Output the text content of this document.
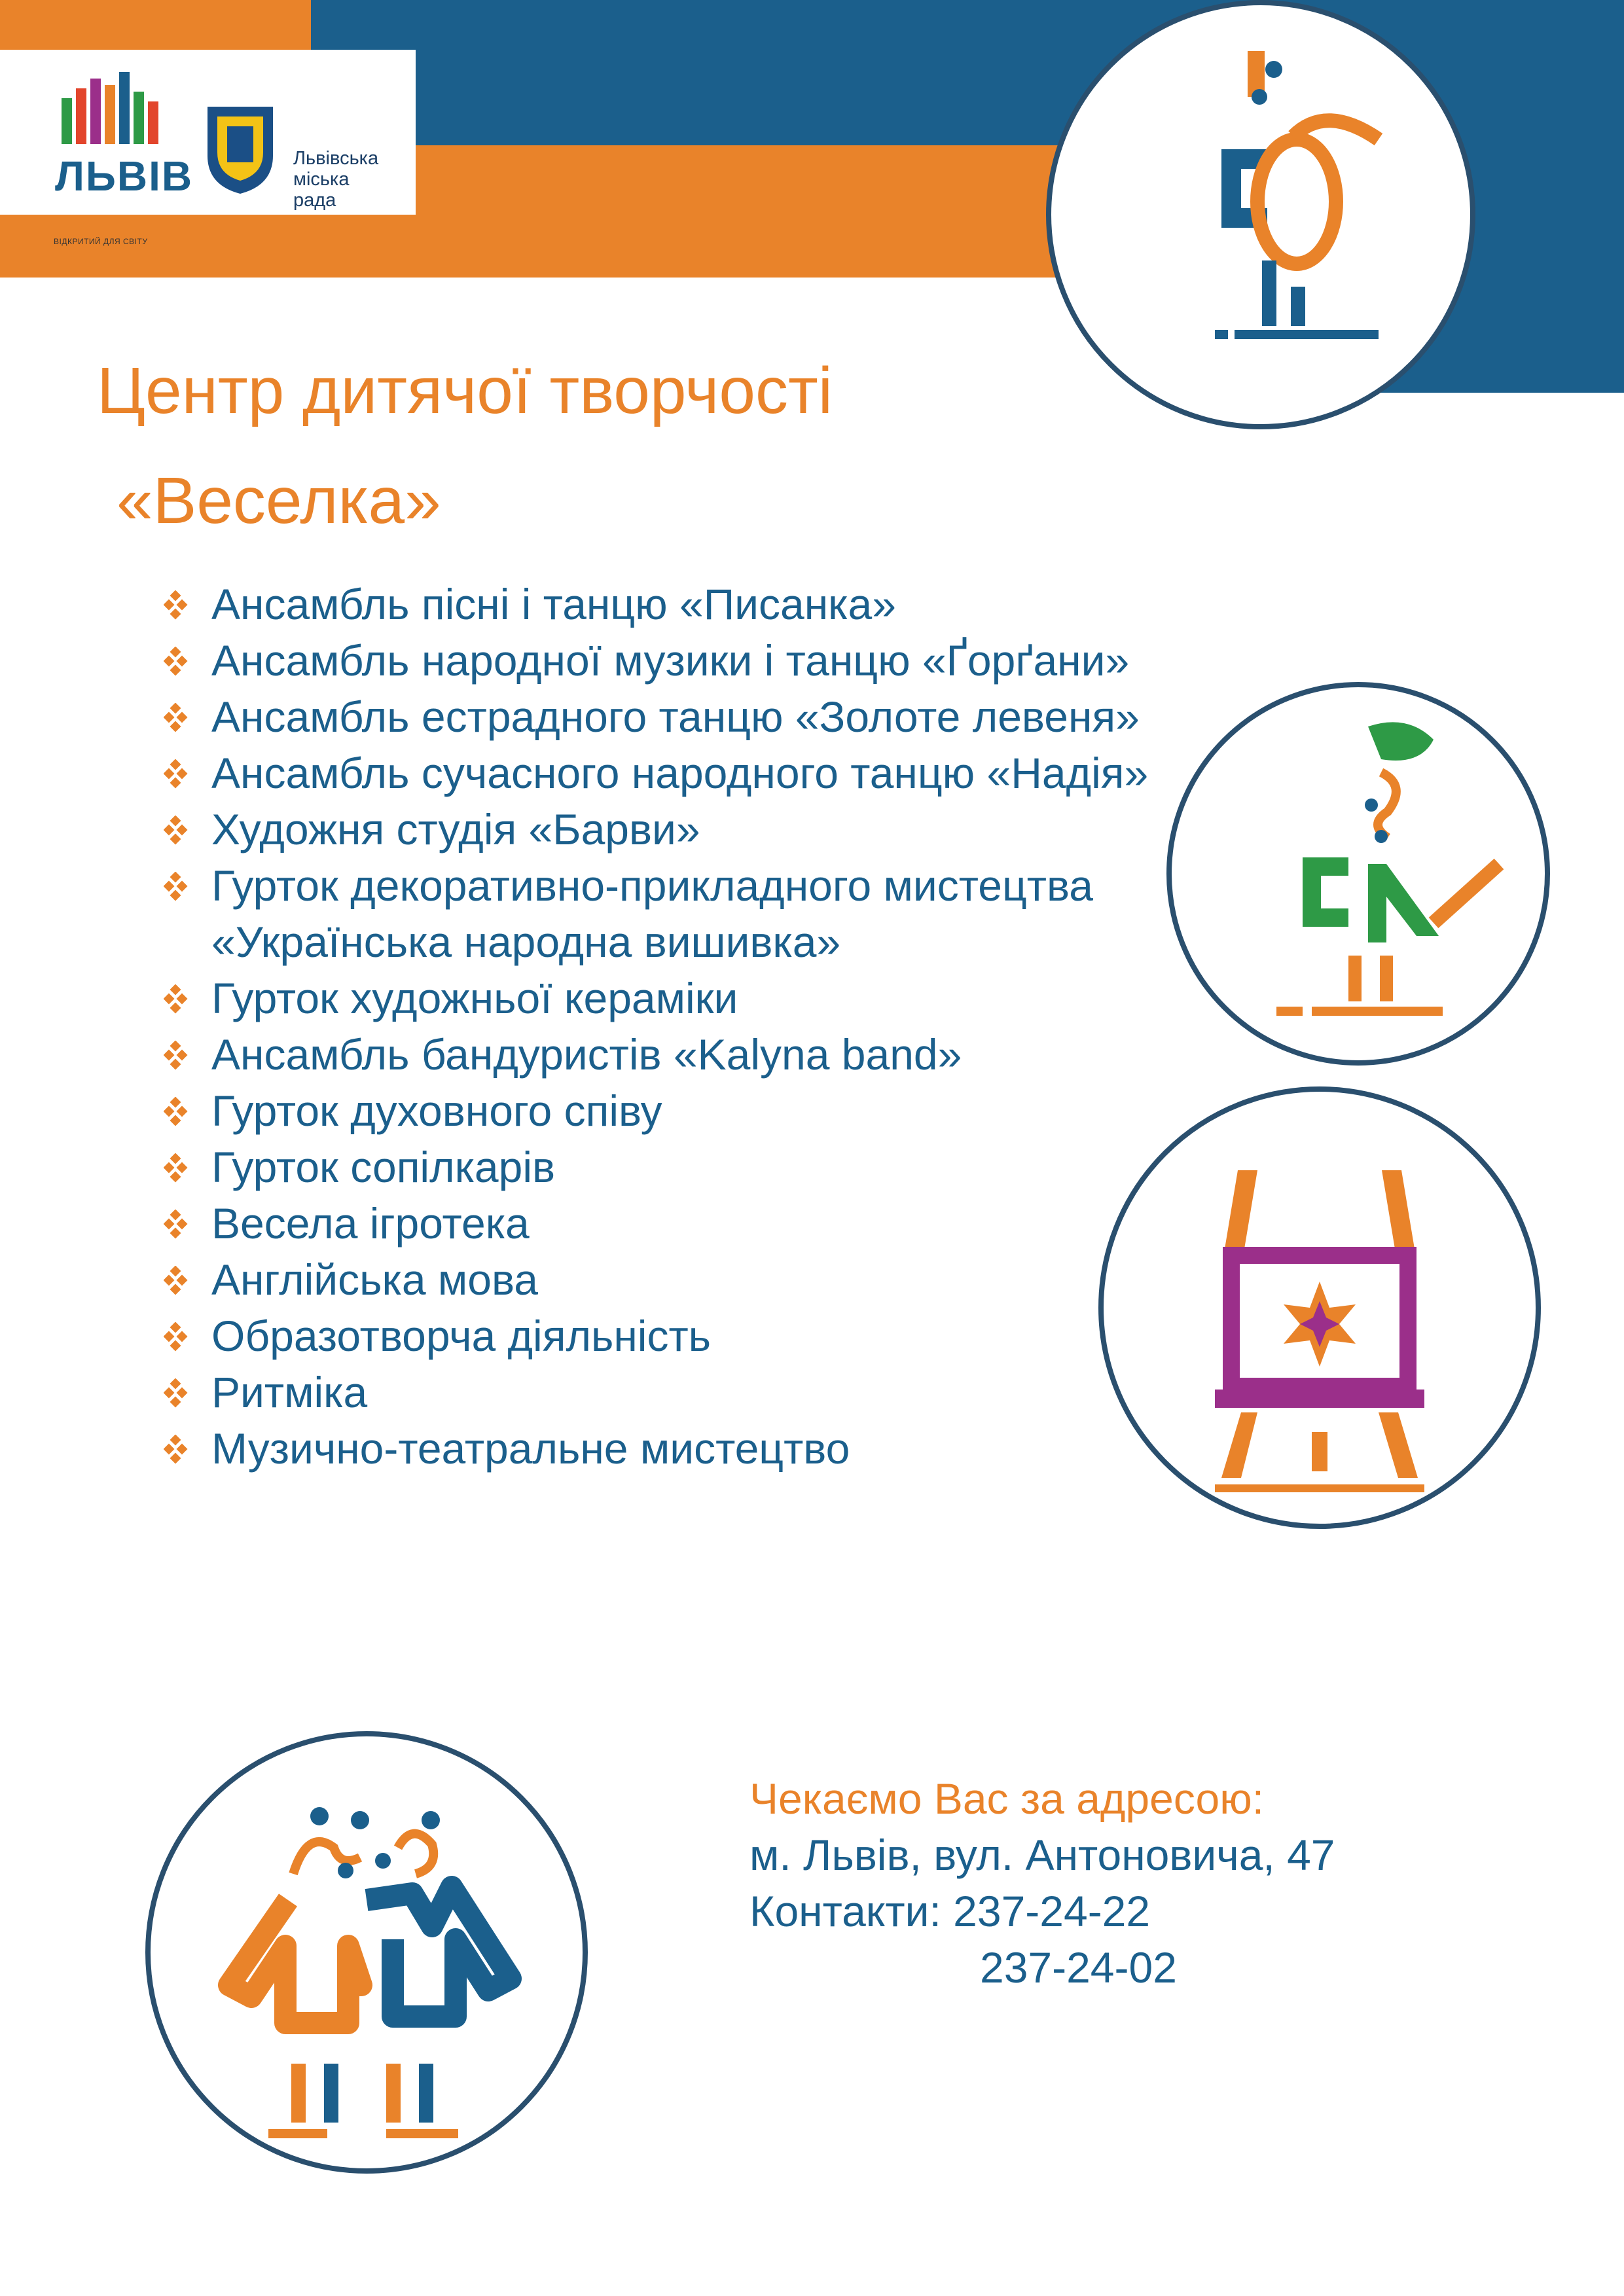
ЛЬВІВ
ВІДКРИТИЙ ДЛЯ СВІТУ
Львівська
міська
рада
Центр дитячої творчості
«Веселка»
Ансамбль пісні і танцю «Писанка»
Ансамбль народної музики і танцю «Ґорґани»
Ансамбль естрадного танцю «Золоте левеня»
Ансамбль сучасного народного танцю «Надія»
Художня студія «Барви»
Гурток декоративно-прикладного мистецтва «Українська народна вишивка»
Гурток художньої кераміки
Ансамбль бандуристів «Kalyna band»
Гурток духовного співу
Гурток сопілкарів
Весела ігротека
Англійська мова
Образотворча діяльність
Ритміка
Музично-театральне мистецтво
Чекаємо Вас за адресою:
м. Львів, вул. Антоновича, 47
Контакти: 237-24-22
237-24-02
